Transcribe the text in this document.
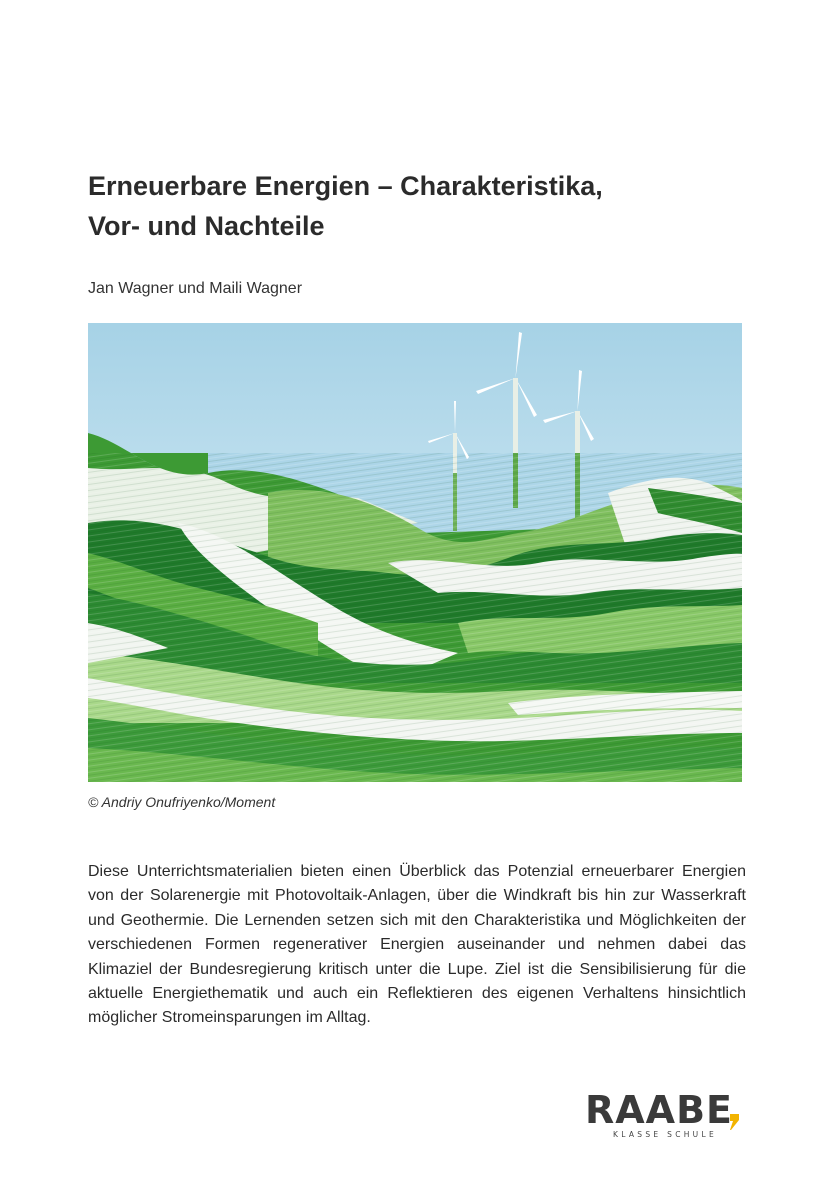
Erneuerbare Energien – Charakteristika,
Vor- und Nachteile
Jan Wagner und Maili Wagner
© Andriy Onufriyenko/Moment

Diese Unterrichtsmaterialien bieten einen Überblick das Potenzial erneuerbarer Energien von der Solarenergie mit Photovoltaik-Anlagen, über die Windkraft bis hin zur Wasserkraft und Geothermie. Die Lernenden setzen sich mit den Charakteristika und Möglichkeiten der verschiedenen Formen regenerativer Energien auseinander und nehmen dabei das Klimaziel der Bundesregierung kritisch unter die Lupe. Ziel ist die Sensibilisierung für die aktuelle Energiethematik und auch ein Reflektieren des eigenen Verhaltens hinsichtlich möglicher Stromeinsparungen im Alltag.

RAABE
KLASSE SCHULE
